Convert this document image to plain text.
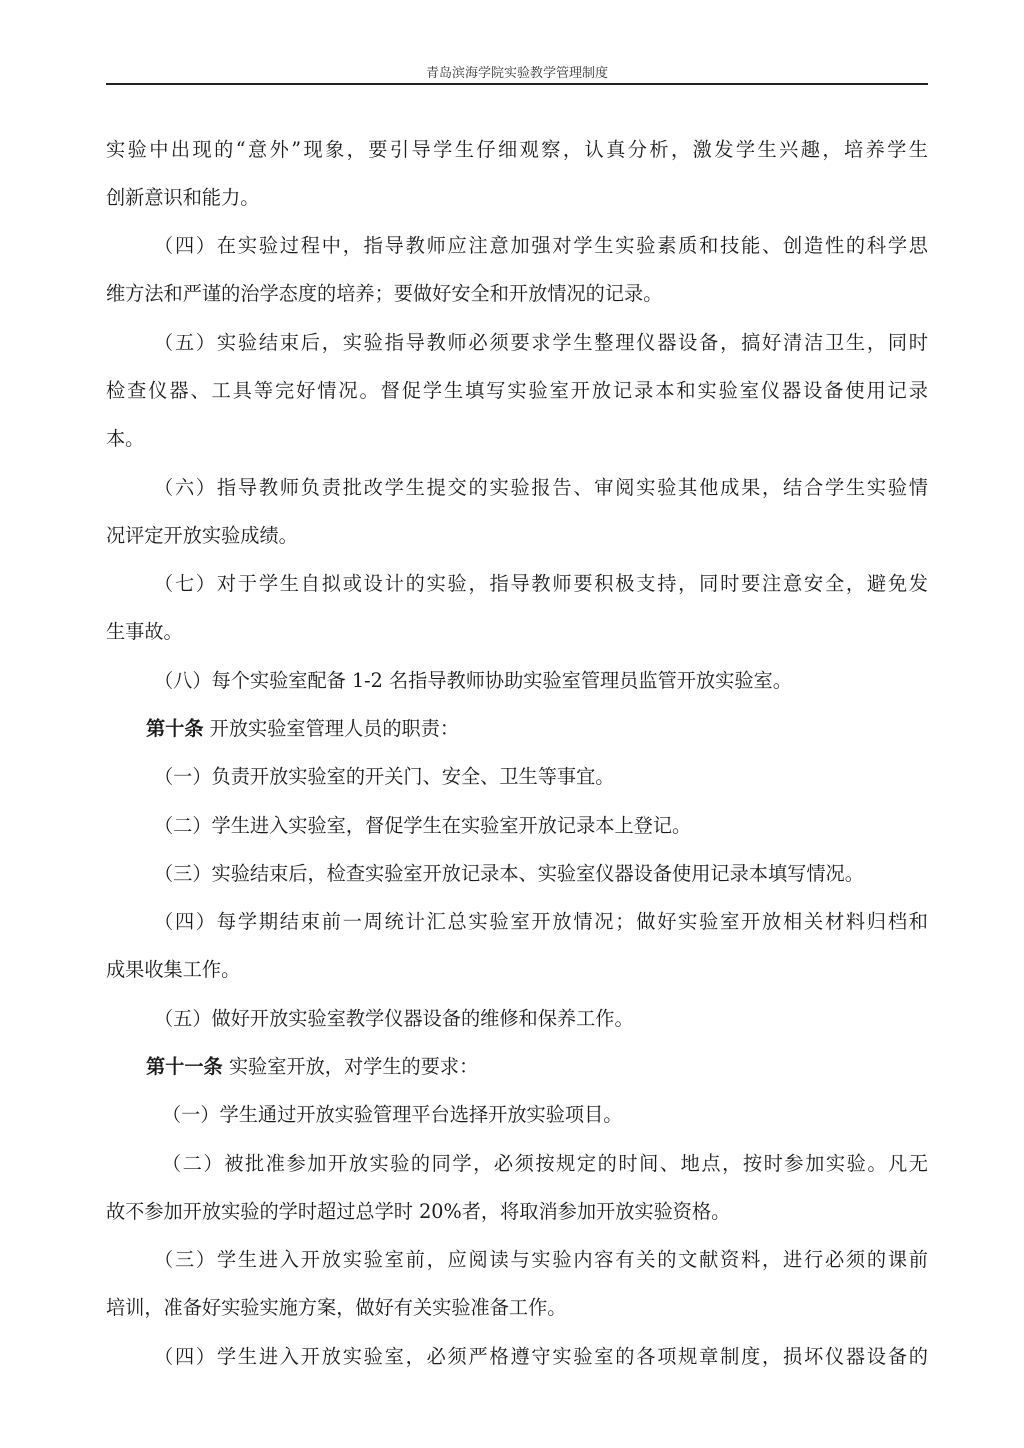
青岛滨海学院实验教学管理制度
实验中出现的“意外”现象，要引导学生仔细观察，认真分析，激发学生兴趣，培养学生
创新意识和能力。
（四）在实验过程中，指导教师应注意加强对学生实验素质和技能、创造性的科学思
维方法和严谨的治学态度的培养；要做好安全和开放情况的记录。
（五）实验结束后，实验指导教师必须要求学生整理仪器设备，搞好清洁卫生，同时
检查仪器、工具等完好情况。督促学生填写实验室开放记录本和实验室仪器设备使用记录
本。
（六）指导教师负责批改学生提交的实验报告、审阅实验其他成果，结合学生实验情
况评定开放实验成绩。
（七）对于学生自拟或设计的实验，指导教师要积极支持，同时要注意安全，避免发
生事故。
（八）每个实验室配备 1-2 名指导教师协助实验室管理员监管开放实验室。
第十条 开放实验室管理人员的职责：
（一）负责开放实验室的开关门、安全、卫生等事宜。
（二）学生进入实验室，督促学生在实验室开放记录本上登记。
（三）实验结束后，检查实验室开放记录本、实验室仪器设备使用记录本填写情况。
（四）每学期结束前一周统计汇总实验室开放情况；做好实验室开放相关材料归档和
成果收集工作。
（五）做好开放实验室教学仪器设备的维修和保养工作。
第十一条 实验室开放，对学生的要求：
（一）学生通过开放实验管理平台选择开放实验项目。
（二）被批准参加开放实验的同学，必须按规定的时间、地点，按时参加实验。凡无
故不参加开放实验的学时超过总学时 20%者，将取消参加开放实验资格。
（三）学生进入开放实验室前，应阅读与实验内容有关的文献资料，进行必须的课前
培训，准备好实验实施方案，做好有关实验准备工作。
（四）学生进入开放实验室，必须严格遵守实验室的各项规章制度，损坏仪器设备的
